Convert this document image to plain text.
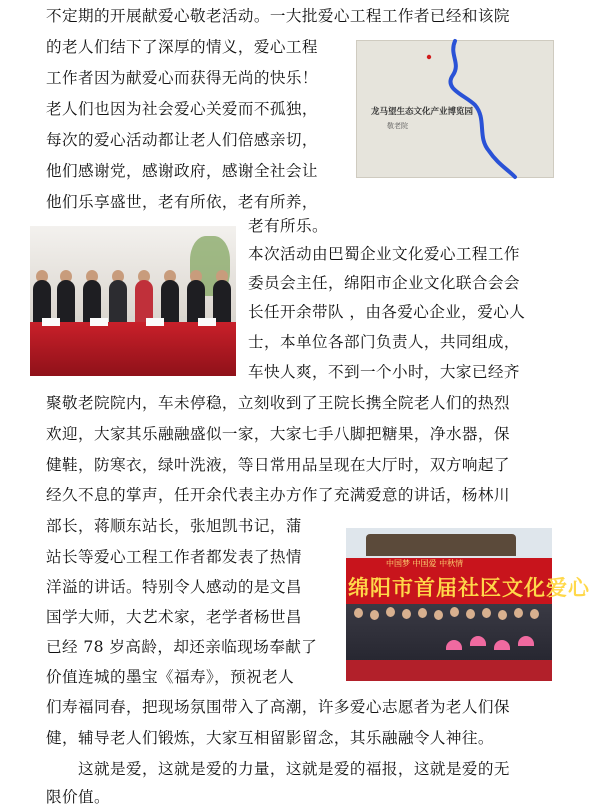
不定期的开展献爱心敬老活动。一大批爱心工程工作者已经和该院
的老人们结下了深厚的情义，爱心工程
工作者因为献爱心而获得无尚的快乐！
老人们也因为社会爱心关爱而不孤独，
每次的爱心活动都让老人们倍感亲切，
他们感谢党，感谢政府，感谢全社会让
他们乐享盛世，老有所依，老有所养，
老有所乐。
本次活动由巴蜀企业文化爱心工程工作
委员会主任，绵阳市企业文化联合会会
长任开余带队 ，由各爱心企业，爱心人
士，本单位各部门负责人，共同组成，
车快人爽，不到一个小时，大家已经齐
聚敬老院院内，车未停稳，立刻收到了王院长携全院老人们的热烈
欢迎，大家其乐融融盛似一家，大家七手八脚把糖果，净水器，保
健鞋，防寒衣，绿叶洗液，等日常用品呈现在大厅时，双方响起了
经久不息的掌声，任开余代表主办方作了充满爱意的讲话，杨林川
部长，蒋顺东站长，张旭凯书记，蒲
站长等爱心工程工作者都发表了热情
洋溢的讲话。特别令人感动的是文昌
国学大师，大艺术家，老学者杨世昌
已经 78 岁高龄，却还亲临现场奉献了
价值连城的墨宝《福寿》，预祝老人
们寿福同春，把现场氛围带入了高潮，许多爱心志愿者为老人们保
健，辅导老人们锻炼，大家互相留影留念，其乐融融令人神往。
这就是爱，这就是爱的力量，这就是爱的福报，这就是爱的无
限价值。
龙马望生态文化产业博览园
敬老院
中国梦 中国爱 中秋情
绵阳市首届社区文化爱心
